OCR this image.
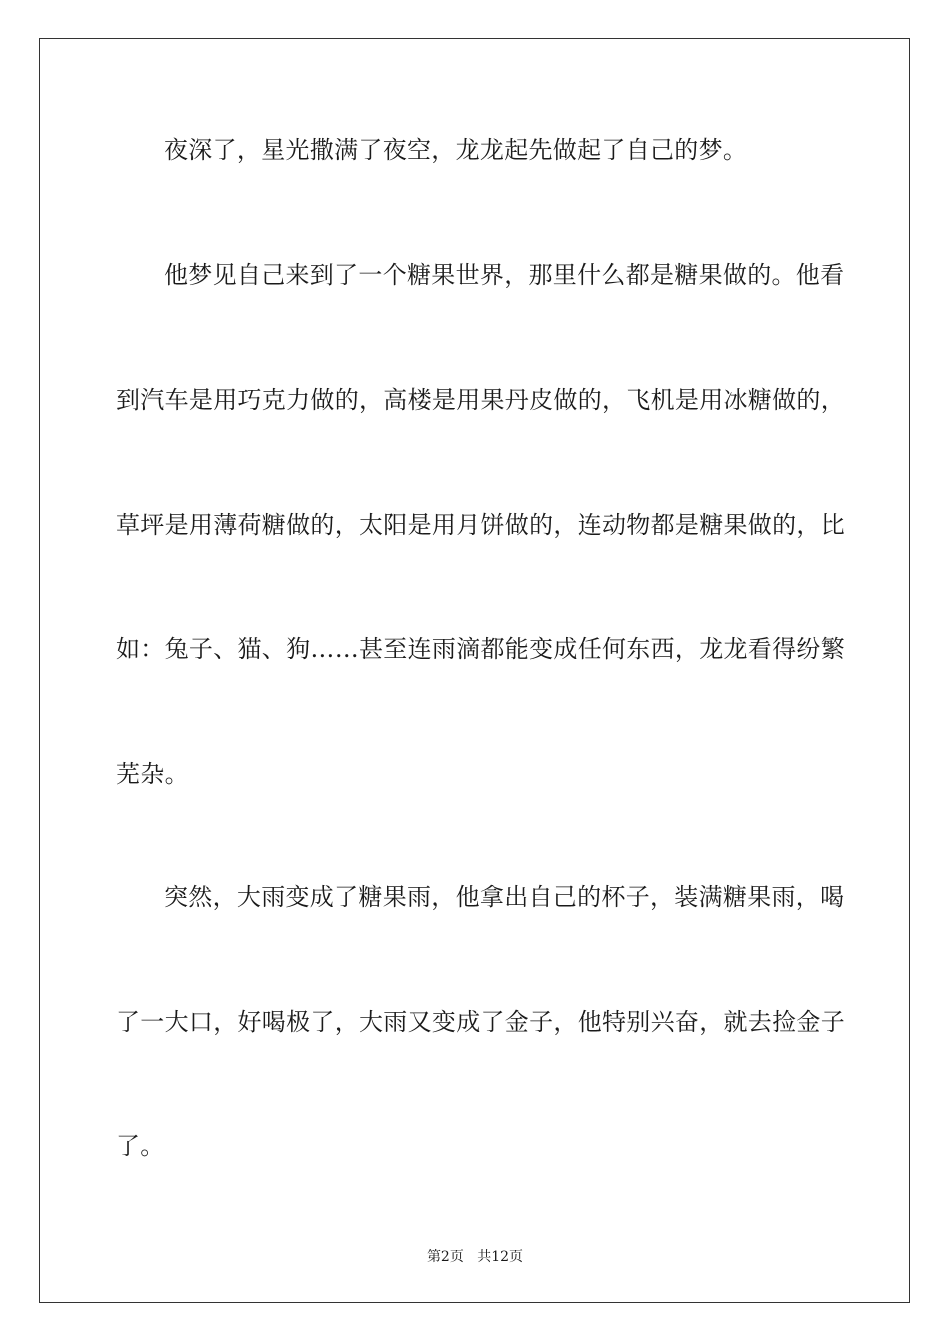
夜深了，星光撒满了夜空，龙龙起先做起了自己的梦。
他梦见自己来到了一个糖果世界，那里什么都是糖果做的。他看
到汽车是用巧克力做的，高楼是用果丹皮做的，飞机是用冰糖做的，
草坪是用薄荷糖做的，太阳是用月饼做的，连动物都是糖果做的，比
如：兔子、猫、狗……甚至连雨滴都能变成任何东西，龙龙看得纷繁
芜杂。
突然，大雨变成了糖果雨，他拿出自己的杯子，装满糖果雨，喝
了一大口，好喝极了，大雨又变成了金子，他特别兴奋，就去捡金子
了。
第2页 共12页
